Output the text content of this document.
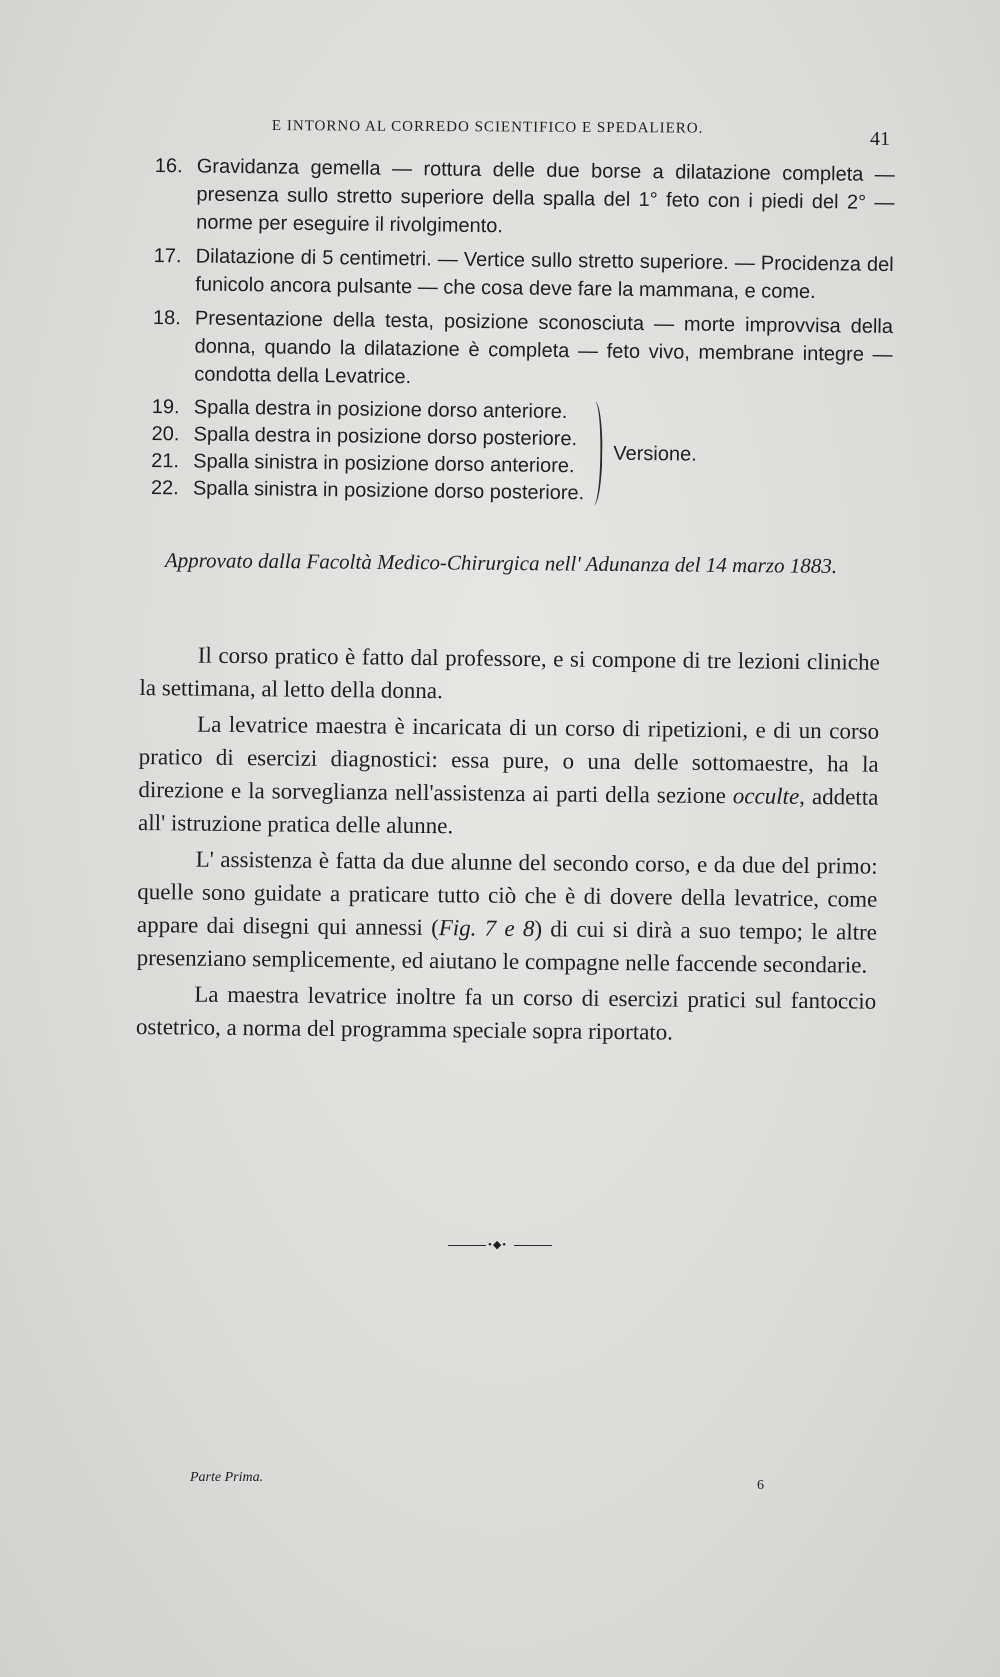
E INTORNO AL CORREDO SCIENTIFICO E SPEDALIERO.
41
16. Gravidanza gemella — rottura delle due borse a dilatazione completa — presenza sullo stretto superiore della spalla del 1° feto con i piedi del 2° — norme per eseguire il rivolgimento.
17. Dilatazione di 5 centimetri. — Vertice sullo stretto superiore. — Procidenza del funicolo ancora pulsante — che cosa deve fare la mammana, e come.
18. Presentazione della testa, posizione sconosciuta — morte improvvisa della donna, quando la dilatazione è completa — feto vivo, membrane integre — condotta della Levatrice.
19. Spalla destra in posizione dorso anteriore.
20. Spalla destra in posizione dorso posteriore.
21. Spalla sinistra in posizione dorso anteriore.
22. Spalla sinistra in posizione dorso posteriore.
Versione.
Approvato dalla Facoltà Medico-Chirurgica nell' Adunanza del 14 marzo 1883.

Il corso pratico è fatto dal professore, e si compone di tre lezioni cliniche la settimana, al letto della donna.

La levatrice maestra è incaricata di un corso di ripetizioni, e di un corso pratico di esercizi diagnostici: essa pure, o una delle sottomaestre, ha la direzione e la sorveglianza nell'assistenza ai parti della sezione occulte, addetta all' istruzione pratica delle alunne.

L' assistenza è fatta da due alunne del secondo corso, e da due del primo: quelle sono guidate a praticare tutto ciò che è di dovere della levatrice, come appare dai disegni qui annessi (Fig. 7 e 8) di cui si dirà a suo tempo; le altre presenziano semplicemente, ed aiutano le compagne nelle faccende secondarie.

La maestra levatrice inoltre fa un corso di esercizi pratici sul fantoccio ostetrico, a norma del programma speciale sopra riportato.

•◆•
Parte Prima.
6
